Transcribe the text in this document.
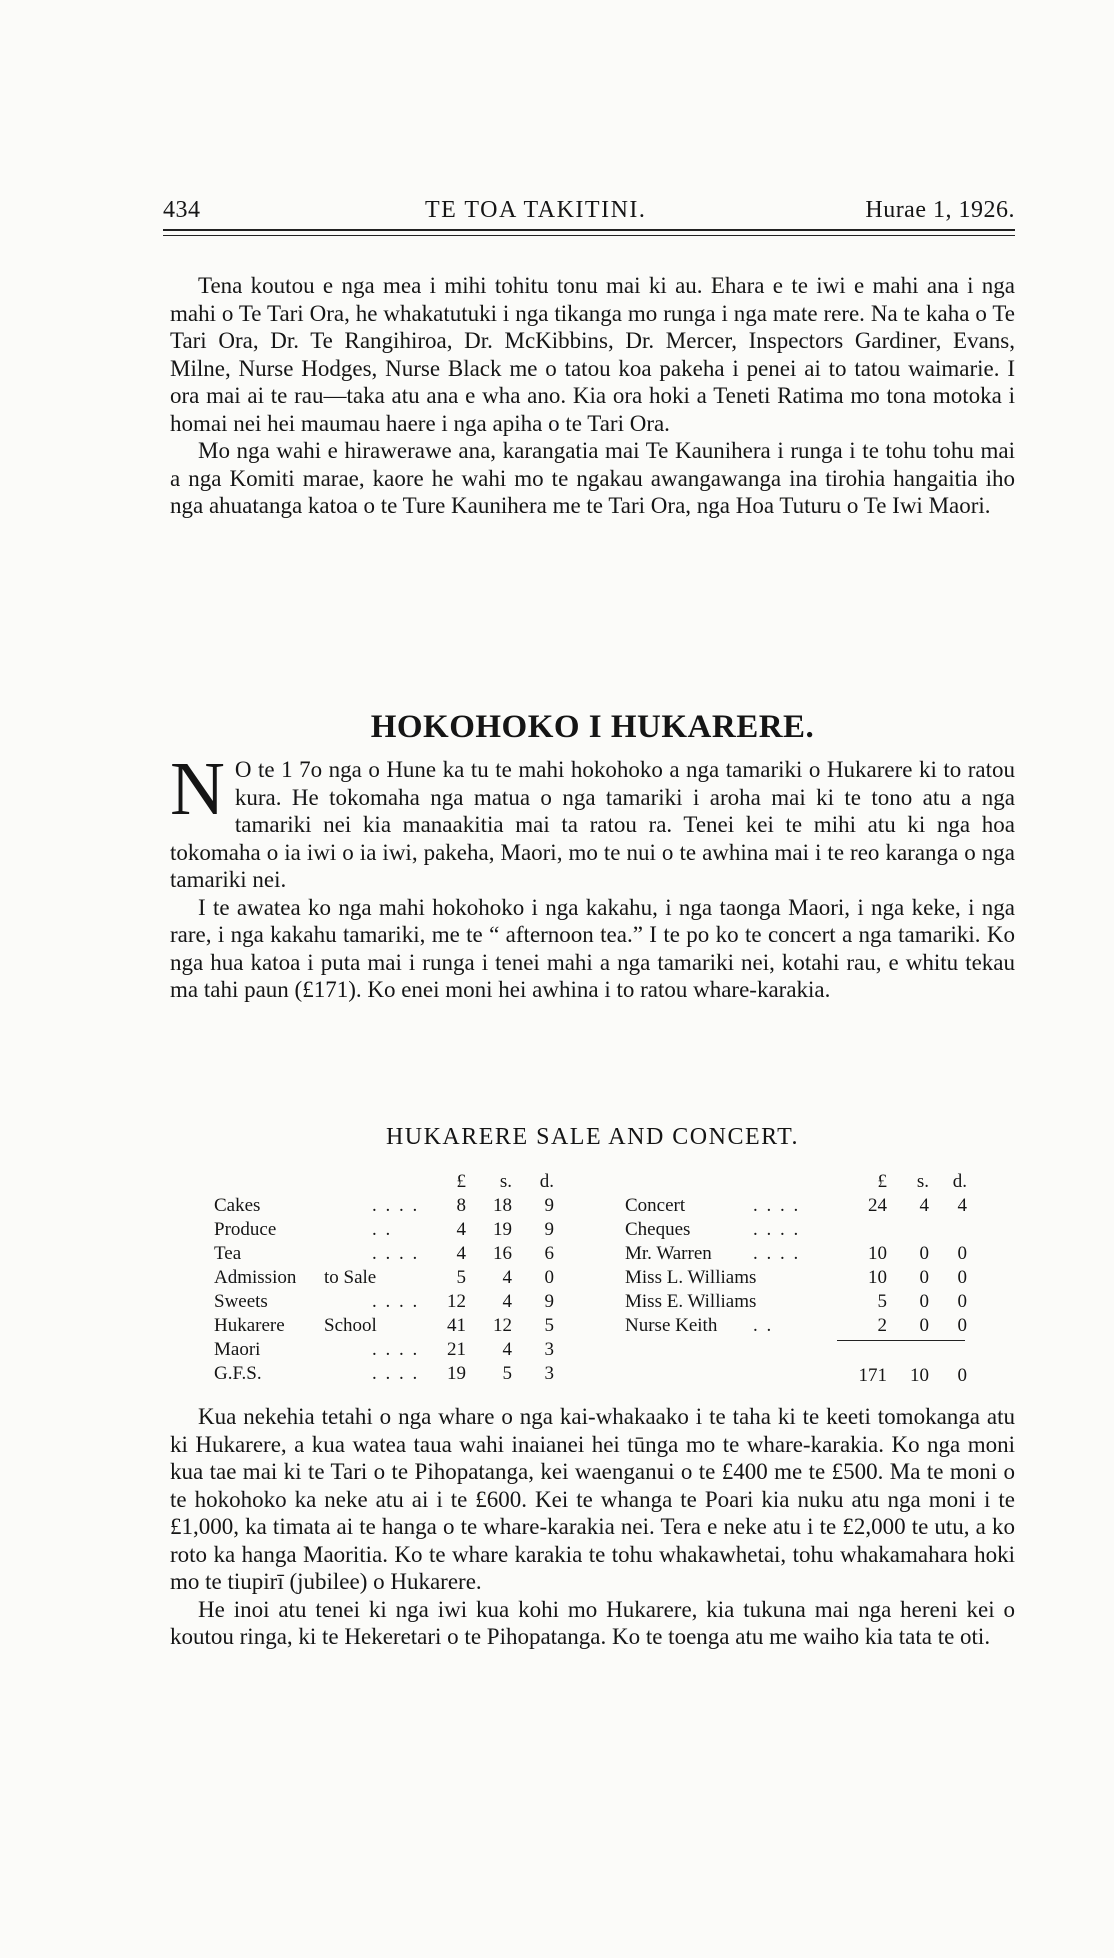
434	TE TOA TAKITINI.	Hurae 1, 1926.

Tena koutou e nga mea i mihi tohitu tonu mai ki au. Ehara e te iwi e mahi ana i nga mahi o Te Tari Ora, he whakatutuki i nga tikanga mo runga i nga mate rere. Na te kaha o Te Tari Ora, Dr. Te Rangihiroa, Dr. McKibbins, Dr. Mercer, Inspectors Gardiner, Evans, Milne, Nurse Hodges, Nurse Black me o tatou koa pakeha i penei ai to tatou waimarie. I ora mai ai te rau—taka atu ana e wha ano. Kia ora hoki a Teneti Ratima mo tona motoka i homai nei hei maumau haere i nga apiha o te Tari Ora.

Mo nga wahi e hirawerawe ana, karangatia mai Te Kaunihera i runga i te tohu tohu mai a nga Komiti marae, kaore he wahi mo te ngakau awangawanga ina tirohia hangaitia iho nga ahuatanga katoa o te Ture Kaunihera me te Tari Ora, nga Hoa Tuturu o Te Iwi Maori.

HOKOHOKO I HUKARERE.

N O te 1 7o nga o Hune ka tu te mahi hokohoko a nga tamariki o Hukarere ki to ratou kura. He tokomaha nga matua o nga tamariki i aroha mai ki te tono atu a nga tamariki nei kia manaakitia mai ta ratou ra. Tenei kei te mihi atu ki nga hoa tokomaha o ia iwi o ia iwi, pakeha, Maori, mo te nui o te awhina mai i te reo karanga o nga tamariki nei.

I te awatea ko nga mahi hokohoko i nga kakahu, i nga taonga Maori, i nga keke, i nga rare, i nga kakahu tamariki, me te “ afternoon tea.” I te po ko te concert a nga tamariki. Ko nga hua katoa i puta mai i runga i tenei mahi a nga tamariki nei, kotahi rau, e whitu tekau ma tahi paun (£171). Ko enei moni hei awhina i to ratou whare-karakia.

HUKARERE SALE AND CONCERT.
£	s.	d.
Cakes	. . . .	8	18	9
Produce	. .	4	19	9
Tea	. . . .	4	16	6
Admission to Sale	5	4	0
Sweets	. . . .	12	4	9
Hukarere School	41	12	5
Maori	. . . .	21	4	3
G.F.S.	. . . .	19	5	3
£	s.	d.
Concert	. . . .	24	4	4
Cheques	. . . .
Mr. Warren . . . .	10	0	0
Miss L. Williams	10	0	0
Miss E. Williams	5	0	0
Nurse Keith . .	2	0	0
171 10	0

Kua nekehia tetahi o nga whare o nga kai-whakaako i te taha ki te keeti tomokanga atu ki Hukarere, a kua watea taua wahi inaianei hei tūnga mo te whare-karakia. Ko nga moni kua tae mai ki te Tari o te Pihopatanga, kei waenganui o te £400 me te £500. Ma te moni o te hokohoko ka neke atu ai i te £600. Kei te whanga te Poari kia nuku atu nga moni i te £1,000, ka timata ai te hanga o te whare-karakia nei. Tera e neke atu i te £2,000 te utu, a ko roto ka hanga Maoritia. Ko te whare karakia te tohu whakawhetai, tohu whakamahara hoki mo te tiupirī (jubilee) o Hukarere.

He inoi atu tenei ki nga iwi kua kohi mo Hukarere, kia tukuna mai nga hereni kei o koutou ringa, ki te Hekeretari o te Pihopatanga. Ko te toenga atu me waiho kia tata te oti.
